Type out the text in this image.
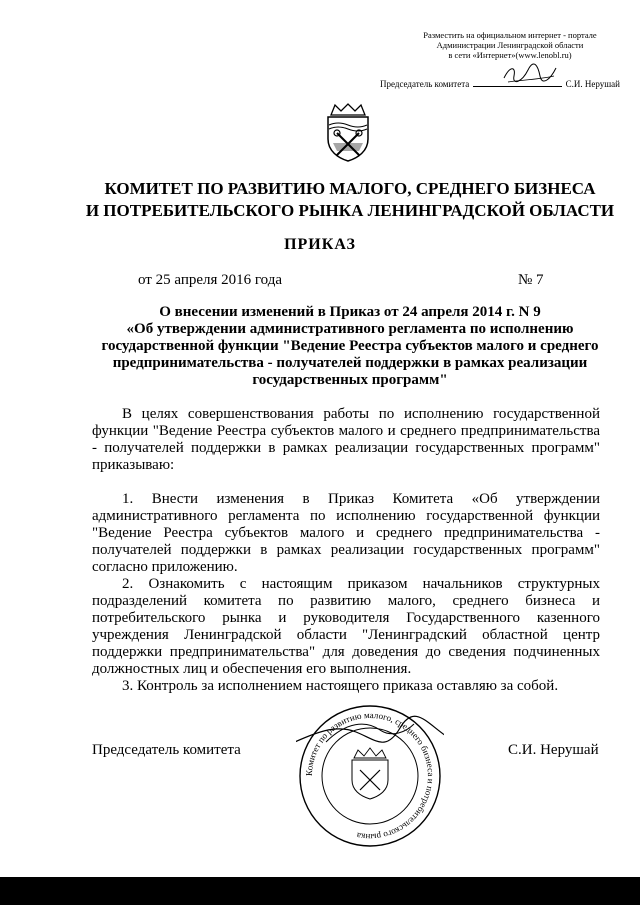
Разместить на официальном интернет - портале
Администрации Ленинградской области
в сети «Интернет»(www.lenobl.ru)
Председатель комитета	С.И. Нерушай
КОМИТЕТ ПО РАЗВИТИЮ МАЛОГО, СРЕДНЕГО БИЗНЕСА
И ПОТРЕБИТЕЛЬСКОГО РЫНКА ЛЕНИНГРАДСКОЙ ОБЛАСТИ
ПРИКАЗ
от 25 апреля 2016 года	№ 7
О внесении изменений в Приказ от 24 апреля 2014 г. N 9
«Об утверждении административного регламента по исполнению
государственной функции "Ведение Реестра субъектов малого и среднего
предпринимательства - получателей поддержки в рамках реализации
государственных программ"
В целях совершенствования работы по исполнению государственной функции "Ведение Реестра субъектов малого и среднего предпринимательства - получателей поддержки в рамках реализации государственных программ" приказываю:
1. Внести изменения в Приказ Комитета «Об утверждении административного регламента по исполнению государственной функции "Ведение Реестра субъектов малого и среднего предпринимательства - получателей поддержки в рамках реализации государственных программ" согласно приложению.
2. Ознакомить с настоящим приказом начальников структурных подразделений комитета по развитию малого, среднего бизнеса и потребительского рынка и руководителя Государственного казенного учреждения Ленинградской области "Ленинградский областной центр поддержки предпринимательства" для доведения до сведения подчиненных должностных лиц и обеспечения его выполнения.
3. Контроль за исполнением настоящего приказа оставляю за собой.
Председатель комитета	С.И. Нерушай
Комитет по развитию малого, среднего бизнеса и потребительского рынка
